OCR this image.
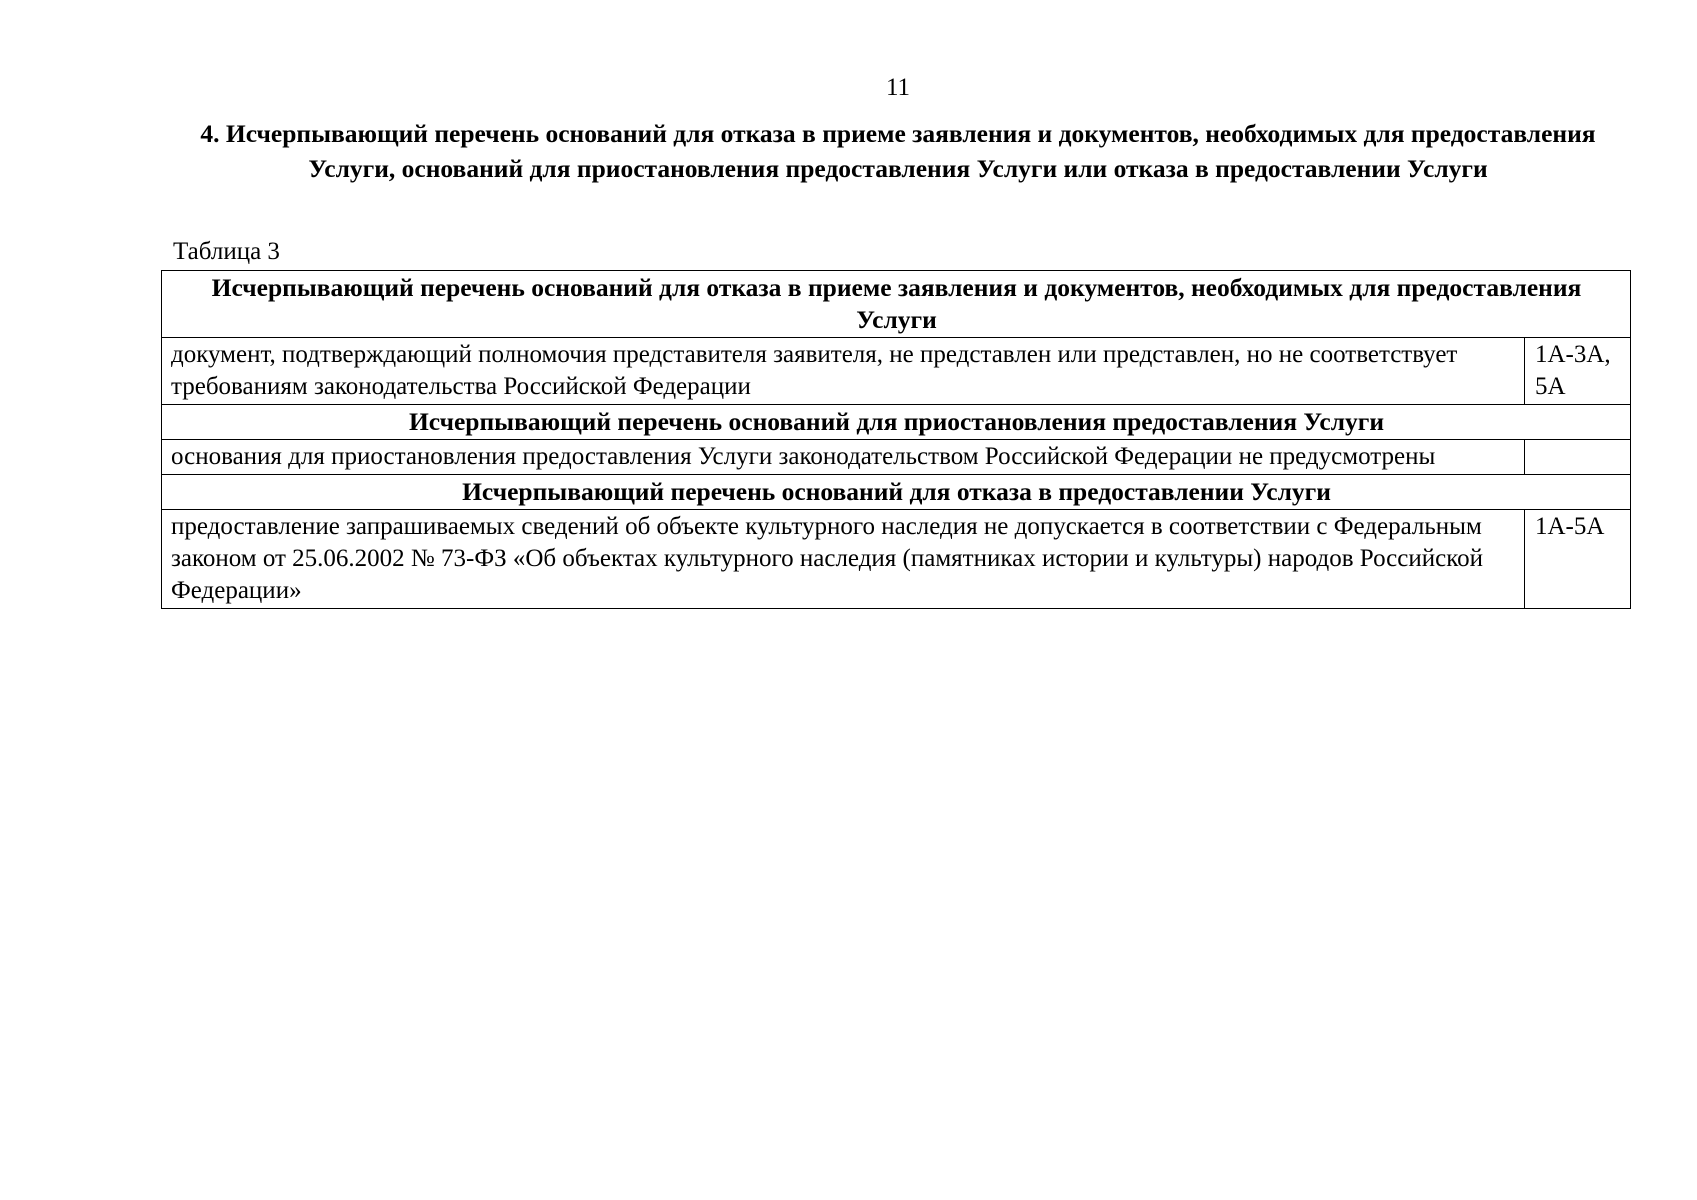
11
4. Исчерпывающий перечень оснований для отказа в приеме заявления и документов, необходимых для предоставления Услуги, оснований для приостановления предоставления Услуги или отказа в предоставлении Услуги
Таблица 3
Исчерпывающий перечень оснований для отказа в приеме заявления и документов, необходимых для предоставления Услуги	
документ, подтверждающий полномочия представителя заявителя, не представлен или представлен, но не соответствует требованиям законодательства Российской Федерации	1А-3А, 5А
Исчерпывающий перечень оснований для приостановления предоставления Услуги	
основания для приостановления предоставления Услуги законодательством Российской Федерации не предусмотрены	
Исчерпывающий перечень оснований для отказа в предоставлении Услуги	
предоставление запрашиваемых сведений об объекте культурного наследия не допускается в соответствии с Федеральным законом от 25.06.2002 № 73-ФЗ «Об объектах культурного наследия (памятниках истории и культуры) народов Российской Федерации»	1А-5А
